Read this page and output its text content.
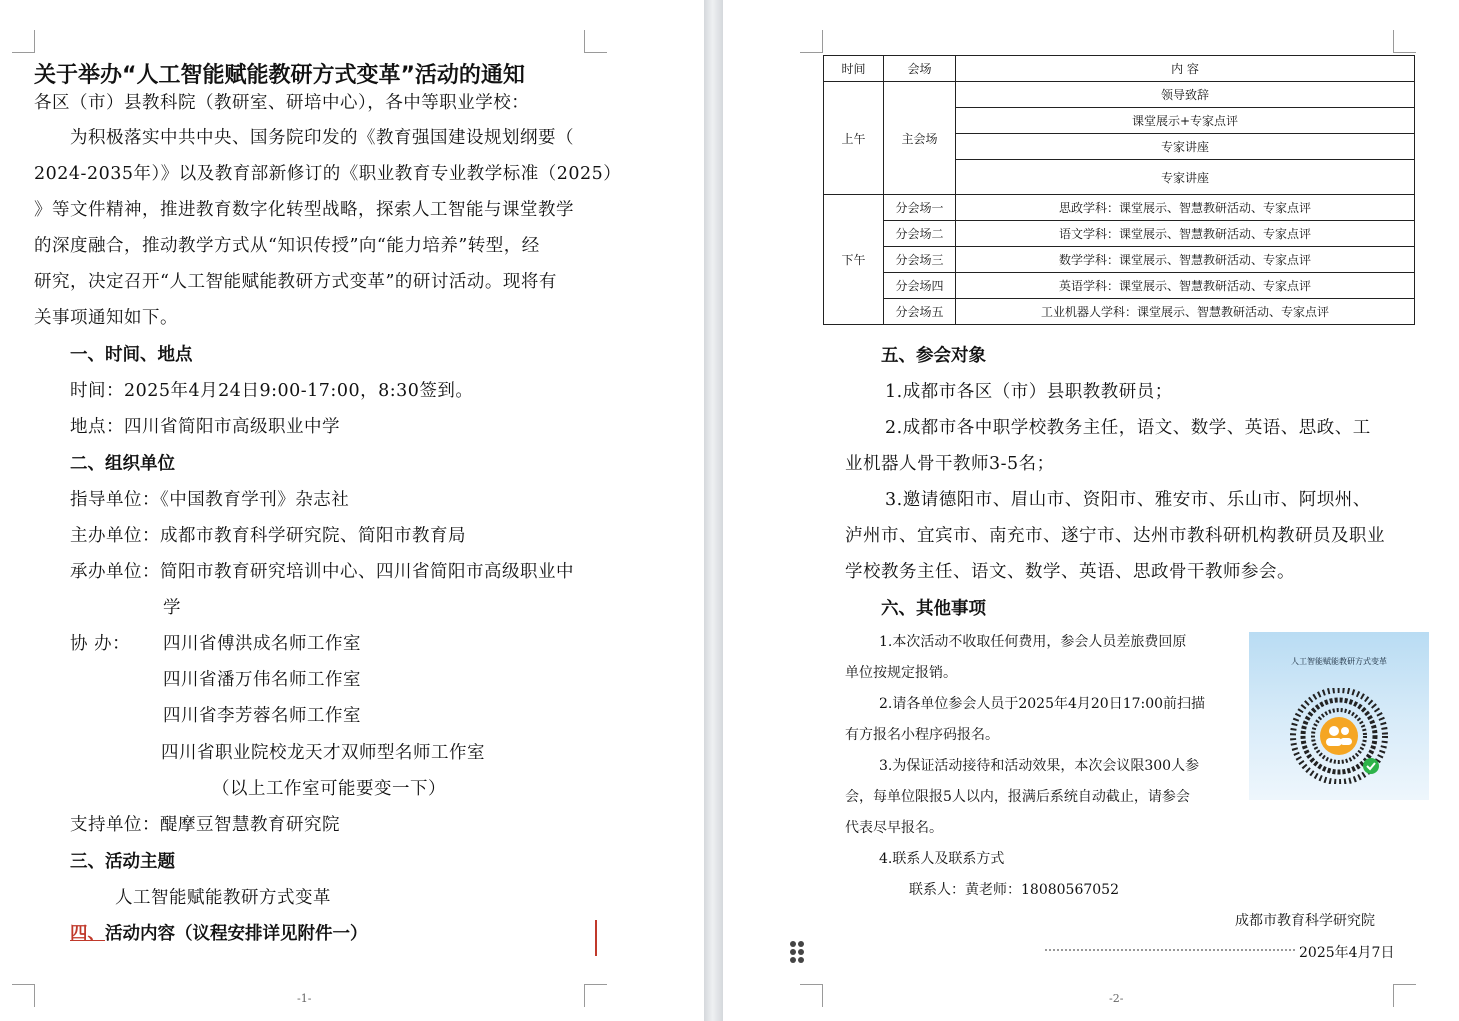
关于举办“人工智能赋能教研方式变革”活动的通知
各区（市）县教科院（教研室、研培中心），各中等职业学校：
为积极落实中共中央、国务院印发的《教育强国建设规划纲要（
2024-2035年）》以及教育部新修订的《职业教育专业教学标准（2025）
》等文件精神，推进教育数字化转型战略，探索人工智能与课堂教学
的深度融合，推动教学方式从“知识传授”向“能力培养”转型，经
研究，决定召开“人工智能赋能教研方式变革”的研讨活动。现将有
关事项通知如下。
一、时间、地点
时间：2025年4月24日9:00-17:00，8:30签到。
地点：四川省简阳市高级职业中学
二、组织单位
指导单位：《中国教育学刊》杂志社
主办单位：成都市教育科学研究院、简阳市教育局
承办单位：简阳市教育研究培训中心、四川省简阳市高级职业中
学
协 办： 四川省傅洪成名师工作室
四川省潘万伟名师工作室
四川省李芳蓉名师工作室
四川省职业院校龙天才双师型名师工作室
（以上工作室可能要变一下）
支持单位：醍摩豆智慧教育研究院
三、活动主题
人工智能赋能教研方式变革
四、活动内容（议程安排详见附件一）
-1-
时间	会场	内 容
上午	主会场	领导致辞
		课堂展示+专家点评
		专家讲座
		专家讲座
下午	分会场一	思政学科：课堂展示、智慧教研活动、专家点评
	分会场二	语文学科：课堂展示、智慧教研活动、专家点评
	分会场三	数学学科：课堂展示、智慧教研活动、专家点评
	分会场四	英语学科：课堂展示、智慧教研活动、专家点评
	分会场五	工业机器人学科：课堂展示、智慧教研活动、专家点评
五、参会对象
1.成都市各区（市）县职教教研员；
2.成都市各中职学校教务主任，语文、数学、英语、思政、工
业机器人骨干教师3-5名；
3.邀请德阳市、眉山市、资阳市、雅安市、乐山市、阿坝州、
泸州市、宜宾市、南充市、遂宁市、达州市教科研机构教研员及职业
学校教务主任、语文、数学、英语、思政骨干教师参会。
六、其他事项
1.本次活动不收取任何费用，参会人员差旅费回原
单位按规定报销。
2.请各单位参会人员于2025年4月20日17:00前扫描
有方报名小程序码报名。
3.为保证活动接待和活动效果，本次会议限300人参
会，每单位限报5人以内，报满后系统自动截止，请参会
代表尽早报名。
4.联系人及联系方式
联系人：黄老师：18080567052
人工智能赋能教研方式变革
成都市教育科学研究院
2025年4月7日

-2-
